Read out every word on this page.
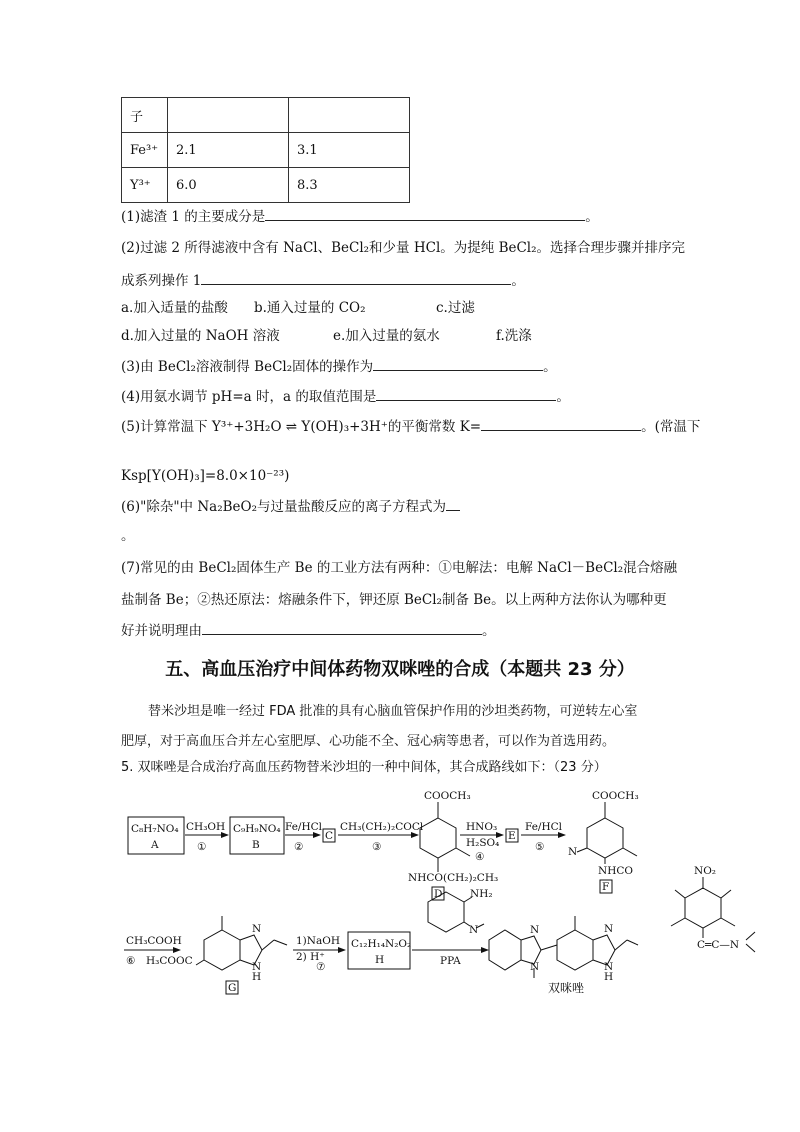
子		
Fe³⁺	2.1	3.1
Y³⁺	6.0	8.3
(1)滤渣 1 的主要成分是	。
(2)过滤 2 所得滤液中含有 NaCl、BeCl₂和少量 HCl。为提纯 BeCl₂。选择合理步骤并排序完
成系列操作 1	。
a.加入适量的盐酸 b.通入过量的 CO₂	c.过滤
d.加入过量的 NaOH 溶液	e.加入过量的氨水	f.洗涤
(3)由 BeCl₂溶液制得 BeCl₂固体的操作为	。
(4)用氨水调节 pH=a 时，a 的取值范围是	。
(5)计算常温下 Y³⁺+3H₂O ⇌ Y(OH)₃+3H⁺的平衡常数 K=	。(常温下
Ksp[Y(OH)₃]=8.0×10⁻²³)
(6)"除杂"中 Na₂BeO₂与过量盐酸反应的离子方程式为
。
(7)常见的由 BeCl₂固体生产 Be 的工业方法有两种：①电解法：电解 NaCl－BeCl₂混合熔融
盐制备 Be；②热还原法：熔融条件下，钾还原 BeCl₂制备 Be。以上两种方法你认为哪种更
好并说明理由	。
五、高血压治疗中间体药物双咪唑的合成（本题共 23 分）
替米沙坦是唯一经过 FDA 批准的具有心脑血管保护作用的沙坦类药物，可逆转左心室
肥厚，对于高血压合并左心室肥厚、心功能不全、冠心病等患者，可以作为首选用药。
5. 双咪唑是合成治疗高血压药物替米沙坦的一种中间体，其合成路线如下：（23 分）
C₈H₇NO₄
A
CH₃OH
①
C₉H₉NO₄
B
Fe/HCl
②
C
CH₃(CH₂)₂COCl
③
COOCH₃
NHCO(CH₂)₂CH₃
D
HNO₃
H₂SO₄
④
E
Fe/HCl
⑤
COOCH₃
N
NHCO
F
NO₂
C═C—N
CH₃COOH
⑥ H₃COOC
N
N
H
G
1)NaOH
2) H⁺
⑦
C₁₂H₁₄N₂O₂
H
NH₂
N
PPA
N
N
N
N
H
双咪唑
